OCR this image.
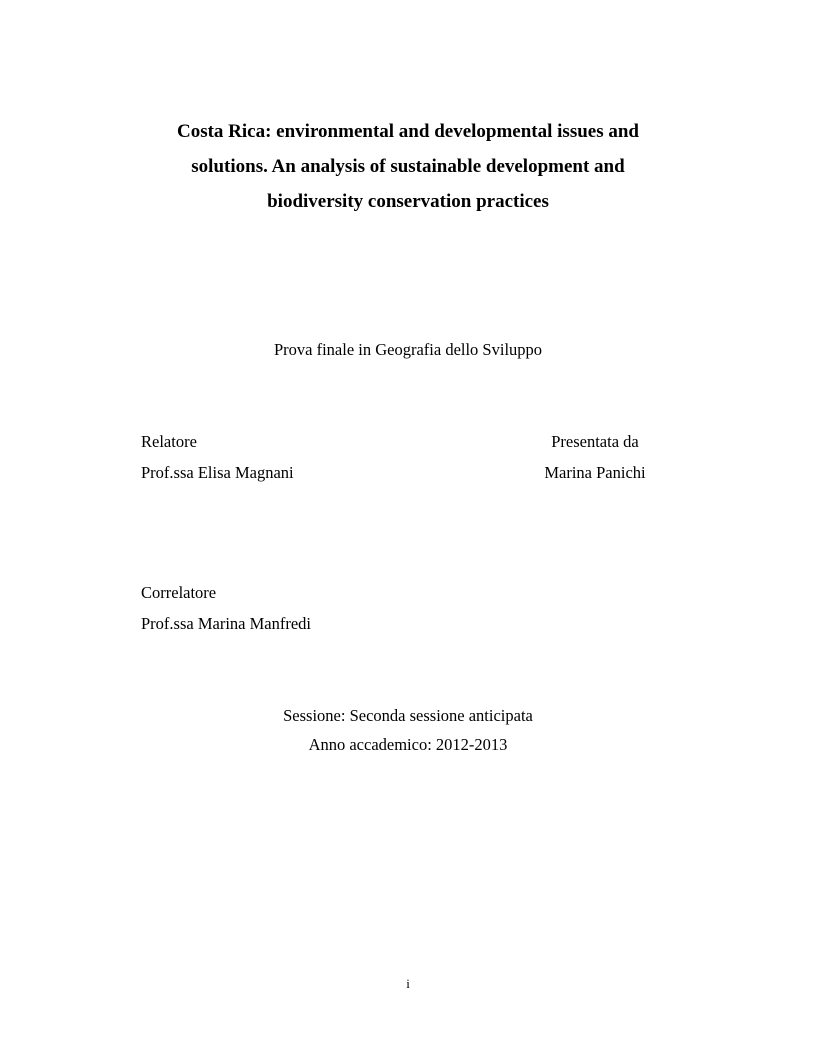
Costa Rica: environmental and developmental issues and
solutions. An analysis of sustainable development and
biodiversity conservation practices
Prova finale in Geografia dello Sviluppo
Relatore
Prof.ssa Elisa Magnani
Presentata da
Marina Panichi
Correlatore
Prof.ssa Marina Manfredi
Sessione: Seconda sessione anticipata
Anno accademico: 2012-2013
i
